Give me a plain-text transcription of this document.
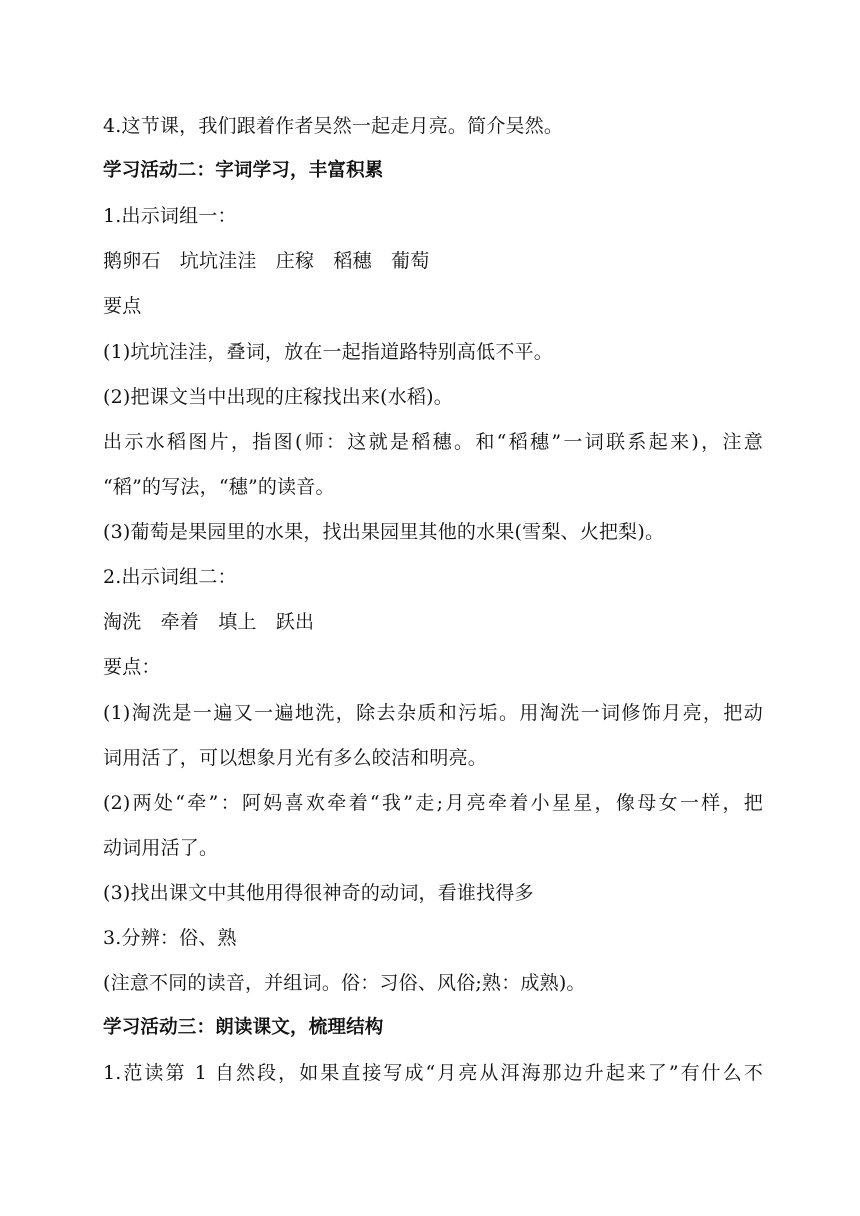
4.这节课，我们跟着作者吴然一起走月亮。简介吴然。
学习活动二：字词学习，丰富积累
1.出示词组一：
鹅卵石　坑坑洼洼　庄稼　稻穗　葡萄
要点
(1)坑坑洼洼，叠词，放在一起指道路特别高低不平。
(2)把课文当中出现的庄稼找出来(水稻)。
出示水稻图片，指图(师：这就是稻穗。和“稻穗”一词联系起来)，注意
“稻”的写法，“穗”的读音。
(3)葡萄是果园里的水果，找出果园里其他的水果(雪梨、火把梨)。
2.出示词组二：
淘洗　牵着　填上　跃出
要点：
(1)淘洗是一遍又一遍地洗，除去杂质和污垢。用淘洗一词修饰月亮，把动
词用活了，可以想象月光有多么皎洁和明亮。
(2)两处“牵”：阿妈喜欢牵着“我”走;月亮牵着小星星，像母女一样，把
动词用活了。
(3)找出课文中其他用得很神奇的动词，看谁找得多
3.分辨：俗、熟
(注意不同的读音，并组词。俗：习俗、风俗;熟：成熟)。
学习活动三：朗读课文，梳理结构
1.范读第 1 自然段，如果直接写成“月亮从洱海那边升起来了”有什么不
